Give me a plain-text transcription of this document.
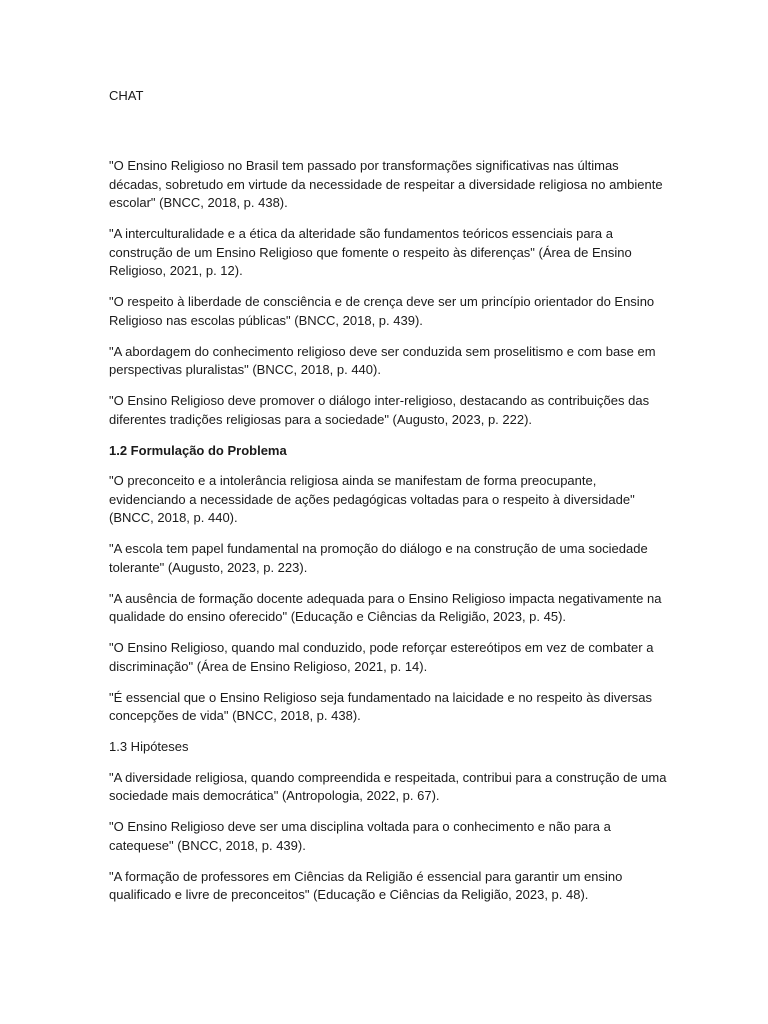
CHAT

"O Ensino Religioso no Brasil tem passado por transformações significativas nas últimas décadas, sobretudo em virtude da necessidade de respeitar a diversidade religiosa no ambiente escolar" (BNCC, 2018, p. 438).

"A interculturalidade e a ética da alteridade são fundamentos teóricos essenciais para a construção de um Ensino Religioso que fomente o respeito às diferenças" (Área de Ensino Religioso, 2021, p. 12).

"O respeito à liberdade de consciência e de crença deve ser um princípio orientador do Ensino Religioso nas escolas públicas" (BNCC, 2018, p. 439).

"A abordagem do conhecimento religioso deve ser conduzida sem proselitismo e com base em perspectivas pluralistas" (BNCC, 2018, p. 440).

"O Ensino Religioso deve promover o diálogo inter-religioso, destacando as contribuições das diferentes tradições religiosas para a sociedade" (Augusto, 2023, p. 222).

1.2 Formulação do Problema

"O preconceito e a intolerância religiosa ainda se manifestam de forma preocupante, evidenciando a necessidade de ações pedagógicas voltadas para o respeito à diversidade" (BNCC, 2018, p. 440).

"A escola tem papel fundamental na promoção do diálogo e na construção de uma sociedade tolerante" (Augusto, 2023, p. 223).

"A ausência de formação docente adequada para o Ensino Religioso impacta negativamente na qualidade do ensino oferecido" (Educação e Ciências da Religião, 2023, p. 45).

"O Ensino Religioso, quando mal conduzido, pode reforçar estereótipos em vez de combater a discriminação" (Área de Ensino Religioso, 2021, p. 14).

"É essencial que o Ensino Religioso seja fundamentado na laicidade e no respeito às diversas concepções de vida" (BNCC, 2018, p. 438).

1.3 Hipóteses

"A diversidade religiosa, quando compreendida e respeitada, contribui para a construção de uma sociedade mais democrática" (Antropologia, 2022, p. 67).

"O Ensino Religioso deve ser uma disciplina voltada para o conhecimento e não para a catequese" (BNCC, 2018, p. 439).

"A formação de professores em Ciências da Religião é essencial para garantir um ensino qualificado e livre de preconceitos" (Educação e Ciências da Religião, 2023, p. 48).
